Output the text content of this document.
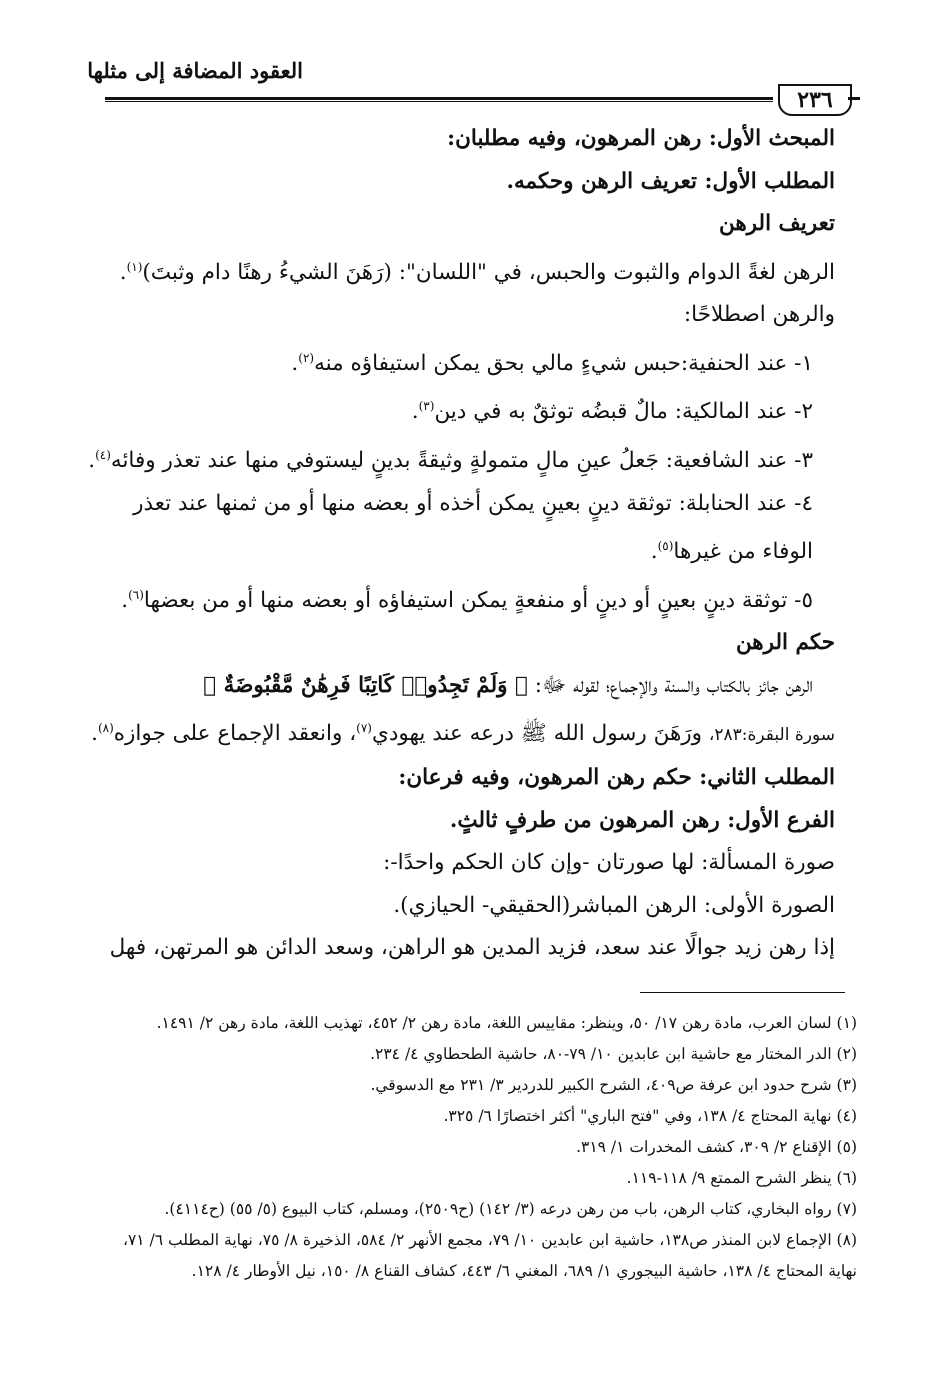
العقود المضافة إلى مثلها
٢٣٦

المبحث الأول: رهن المرهون، وفيه مطلبان:

المطلب الأول: تعريف الرهن وحكمه.

تعريف الرهن

الرهن لغةً الدوام والثبوت والحبس، في "اللسان": (رَهَنَ الشيءُ رهنًا دام وثبتَ)$^{(١)}$.

والرهن اصطلاحًا:

١- عند الحنفية:حبس شيءٍ مالي بحق يمكن استيفاؤه منه$^{(٢)}$.

٢- عند المالكية: مالٌ قبضُه توثقٌ به في دين$^{(٣)}$.

٣- عند الشافعية: جَعلُ عينِ مالٍ متمولةٍ وثيقةً بدينٍ ليستوفي منها عند تعذر وفائه$^{(٤)}$.

٤- عند الحنابلة: توثقة دينٍ بعينٍ يمكن أخذه أو بعضه منها أو من ثمنها عند تعذر الوفاء من غيرها$^{(٥)}$.

٥- توثقة دينٍ بعينٍ أو دينٍ أو منفعةٍ يمكن استيفاؤه أو بعضه منها أو من بعضها$^{(٦)}$.

حكم الرهن

الرهن جائز بالكتاب والسنة والإجماع؛ لقوله ﷻ: ﴿ وَلَمْ تَجِدُوا۟ كَاتِبًا فَرِهَٰنٌ مَّقْبُوضَةٌ ﴾

سورة البقرة:٢٨٣، ورَهَنَ رسول الله ﷺ درعه عند يهودي$^{(٧)}$، وانعقد الإجماع على جوازه$^{(٨)}$.

المطلب الثاني: حكم رهن المرهون، وفيه فرعان:

الفرع الأول: رهن المرهون من طرفٍ ثالثٍ.

صورة المسألة: لها صورتان -وإن كان الحكم واحدًا-:

الصورة الأولى: الرهن المباشر(الحقيقي- الحيازي).

إذا رهن زيد جوالًا عند سعد، فزيد المدين هو الراهن، وسعد الدائن هو المرتهن، فهل

(١) لسان العرب، مادة رهن ١٧/ ٥٠، وينظر: مقاييس اللغة، مادة رهن ٢/ ٤٥٢، تهذيب اللغة، مادة رهن ٢/ ١٤٩١.

(٢) الدر المختار مع حاشية ابن عابدين ١٠/ ٧٩-٨٠، حاشية الطحطاوي ٤/ ٢٣٤.

(٣) شرح حدود ابن عرفة ص٤٠٩، الشرح الكبير للدردير ٣/ ٢٣١ مع الدسوقي.

(٤) نهاية المحتاج ٤/ ١٣٨، وفي "فتح الباري" أكثر اختصارًا ٦/ ٣٢٥.

(٥) الإقناع ٢/ ٣٠٩، كشف المخدرات ١/ ٣١٩.

(٦) ينظر الشرح الممتع ٩/ ١١٨-١١٩.

(٧) رواه البخاري، كتاب الرهن، باب من رهن درعه (٣/ ١٤٢) (ح٢٥٠٩)، ومسلم، كتاب البيوع (٥/ ٥٥) (ح٤١١٤).

(٨) الإجماع لابن المنذر ص١٣٨، حاشية ابن عابدين ١٠/ ٧٩، مجمع الأنهر ٢/ ٥٨٤، الذخيرة ٨/ ٧٥، نهاية المطلب ٦/ ٧١، نهاية المحتاج ٤/ ١٣٨، حاشية البيجوري ١/ ٦٨٩، المغني ٦/ ٤٤٣، كشاف القناع ٨/ ١٥٠، نيل الأوطار ٤/ ١٢٨.
